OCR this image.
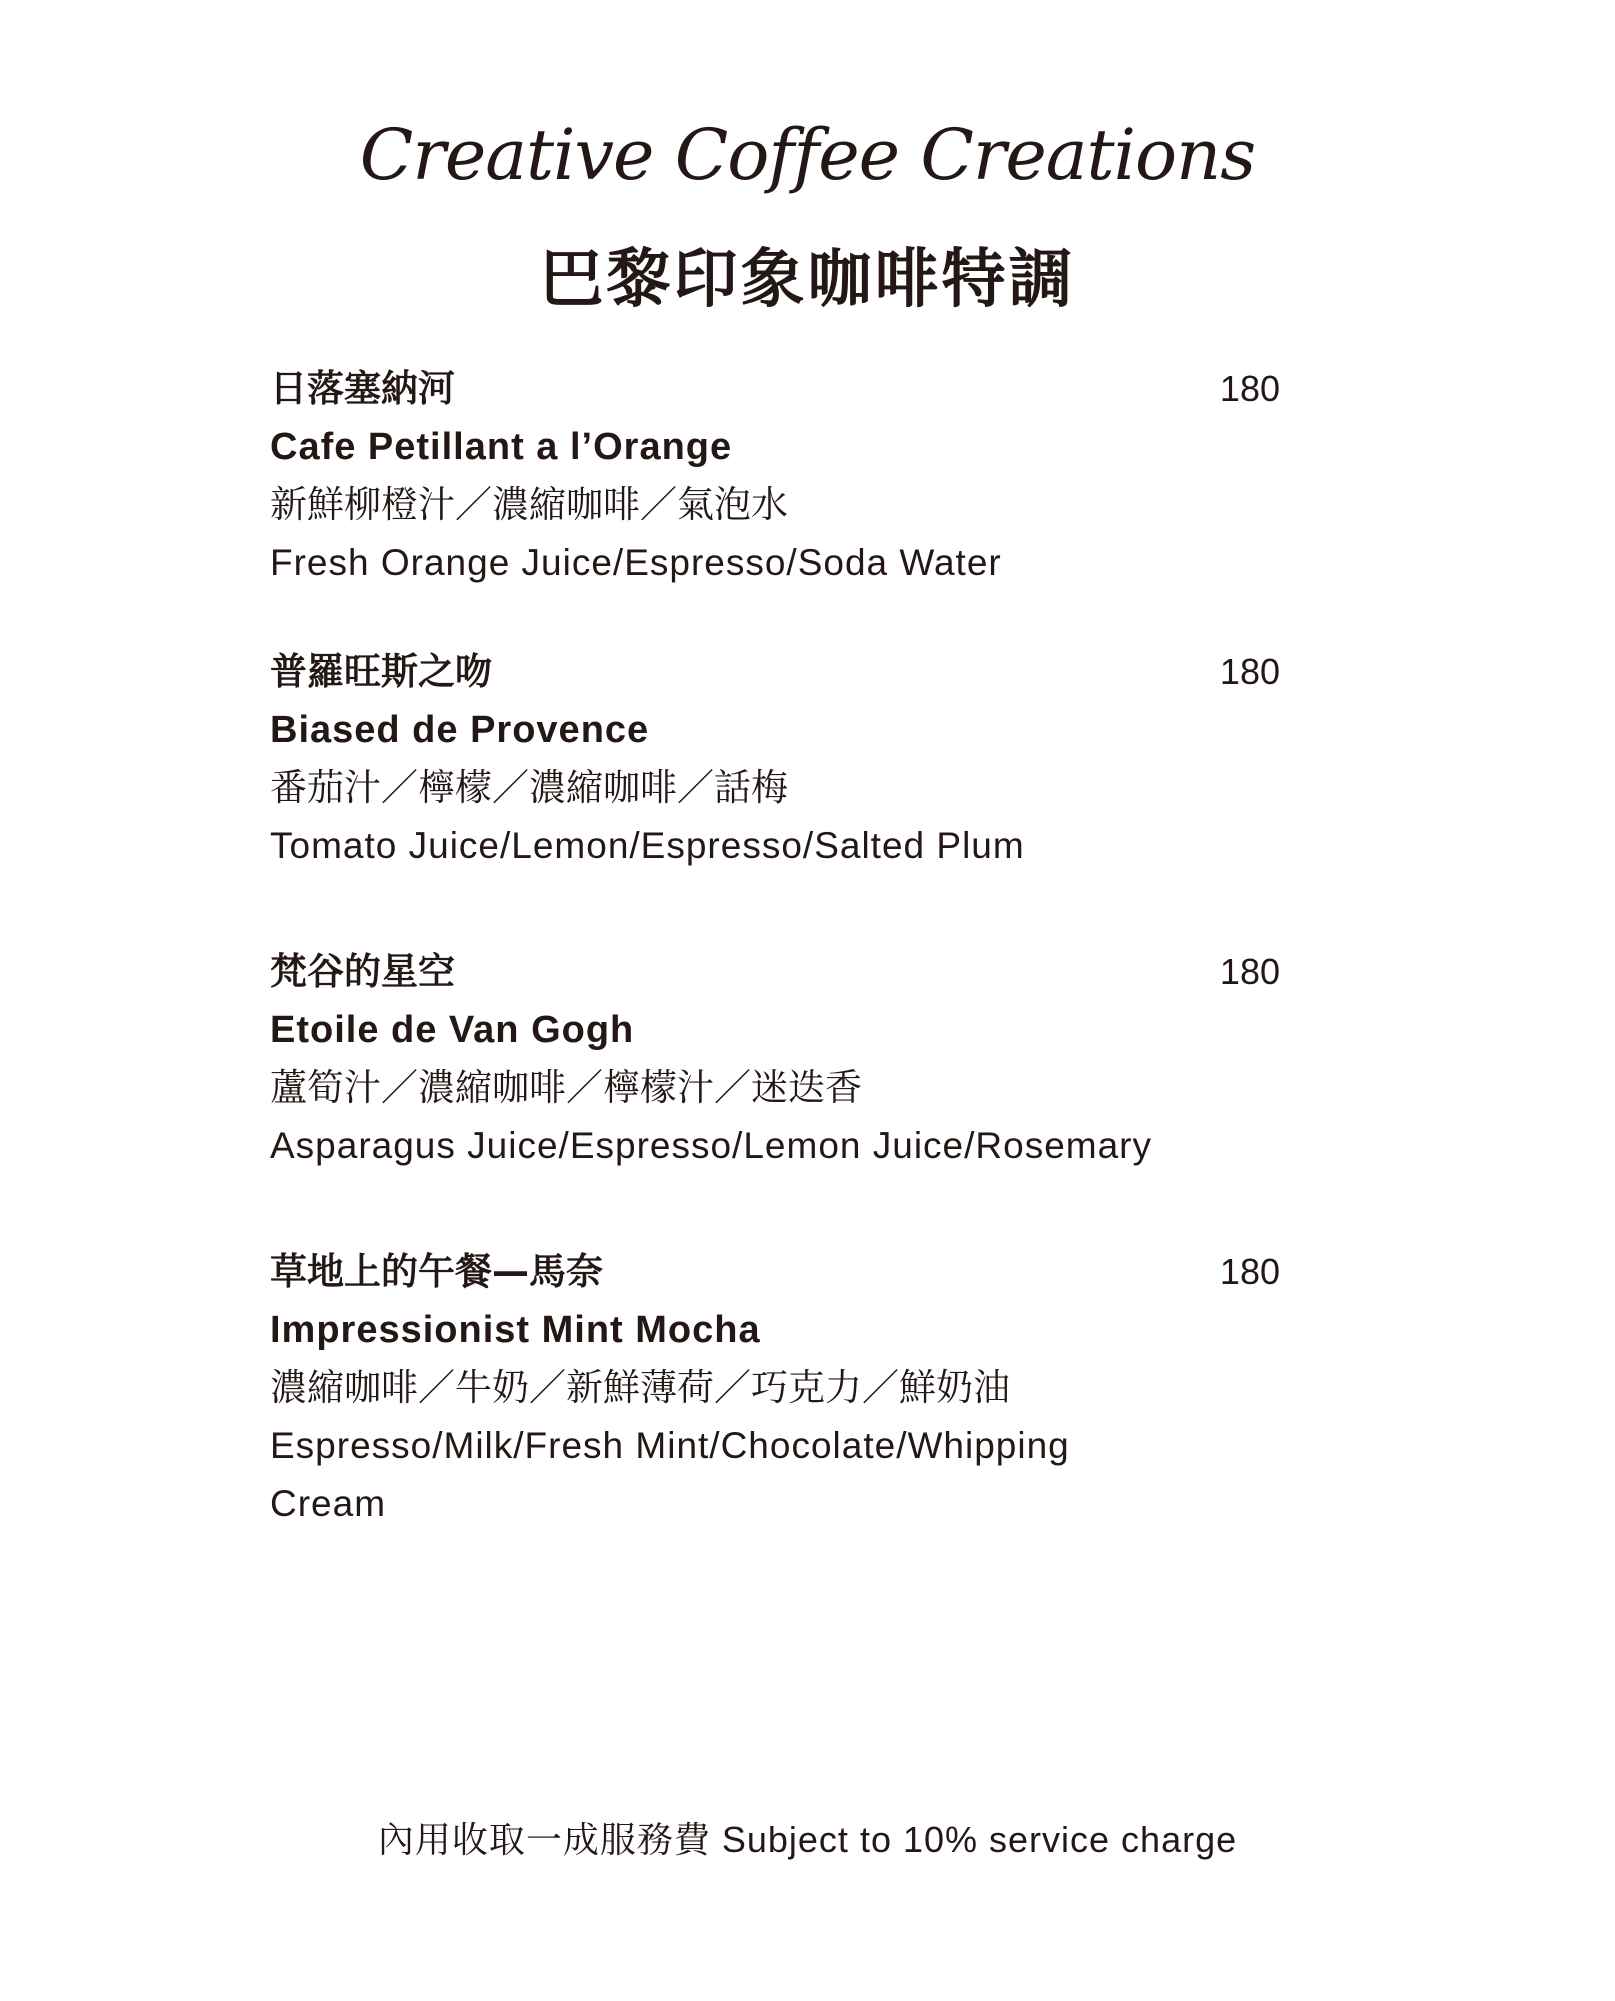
Creative Coffee Creations
巴黎印象咖啡特調
日落塞納河	180
Cafe Petillant a l’Orange
新鮮柳橙汁／濃縮咖啡／氣泡水
Fresh Orange Juice/Espresso/Soda Water
普羅旺斯之吻	180
Biased de Provence
番茄汁／檸檬／濃縮咖啡／話梅
Tomato Juice/Lemon/Espresso/Salted Plum
梵谷的星空	180
Etoile de Van Gogh
蘆筍汁／濃縮咖啡／檸檬汁／迷迭香
Asparagus Juice/Espresso/Lemon Juice/Rosemary
草地上的午餐—馬奈	180
Impressionist Mint Mocha
濃縮咖啡／牛奶／新鮮薄荷／巧克力／鮮奶油
Espresso/Milk/Fresh Mint/Chocolate/Whipping Cream
內用收取一成服務費 Subject to 10% service charge
